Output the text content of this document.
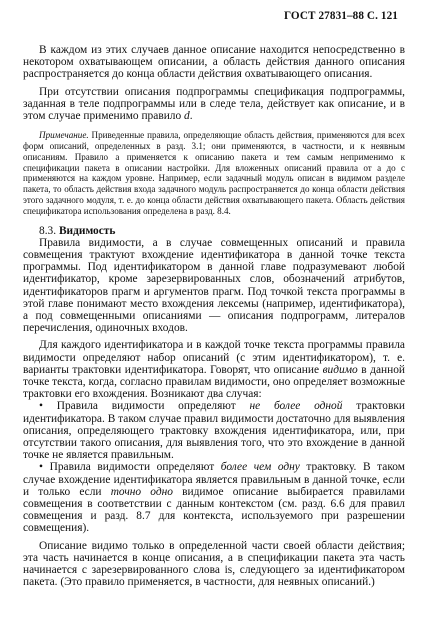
ГОСТ 27831–88 С. 121

В каждом из этих случаев данное описание находится непосредственно в некотором охватывающем описании, а область действия данного описания распространяется до конца области действия охватывающего описания.

При отсутствии описания подпрограммы спецификация подпрограммы, заданная в теле подпрограммы или в следе тела, действует как описание, и в этом случае применимо правило d.

Примечание. Приведенные правила, определяющие область действия, применяются для всех форм описаний, определенных в разд. 3.1; они применяются, в частности, и к неявным описаниям. Правило a применяется к описанию пакета и тем самым неприменимо к спецификации пакета в описании настройки. Для вложенных описаний правила от a до c применяются на каждом уровне. Например, если задачный модуль описан в видимом разделе пакета, то область действия входа задачного модуль распространяется до конца области действия этого задачного модуля, т. е. до конца области действия охватывающего пакета. Область действия спецификатора использования определена в разд. 8.4.

8.3. Видимость

Правила видимости, а в случае совмещенных описаний и правила совмещения трактуют вхождение идентификатора в данной точке текста программы. Под идентификатором в данной главе подразумевают любой идентификатор, кроме зарезервированных слов, обозначений атрибутов, идентификаторов прагм и аргументов прагм. Под точкой текста программы в этой главе понимают место вхождения лексемы (например, идентификатора), а под совмещенными описаниями — описания подпрограмм, литералов перечисления, одиночных входов.

Для каждого идентификатора и в каждой точке текста программы правила видимости определяют набор описаний (с этим идентификатором), т. е. варианты трактовки идентификатора. Говорят, что описание видимо в данной точке текста, когда, согласно правилам видимости, оно определяет возможные трактовки его вхождения. Возникают два случая:

• Правила видимости определяют не более одной трактовки идентификатора. В таком случае правил видимости достаточно для выявления описания, определяющего трактовку вхождения идентификатора, или, при отсутствии такого описания, для выявления того, что это вхождение в данной точке не является правильным.

• Правила видимости определяют более чем одну трактовку. В таком случае вхождение идентификатора является правильным в данной точке, если и только если точно одно видимое описание выбирается правилами совмещения в соответствии с данным контекстом (см. разд. 6.6 для правил совмещения и разд. 8.7 для контекста, используемого при разрешении совмещения).

Описание видимо только в определенной части своей области действия; эта часть начинается в конце описания, а в спецификации пакета эта часть начинается с зарезервированного слова is, следующего за идентификатором пакета. (Это правило применяется, в частности, для неявных описаний.)
